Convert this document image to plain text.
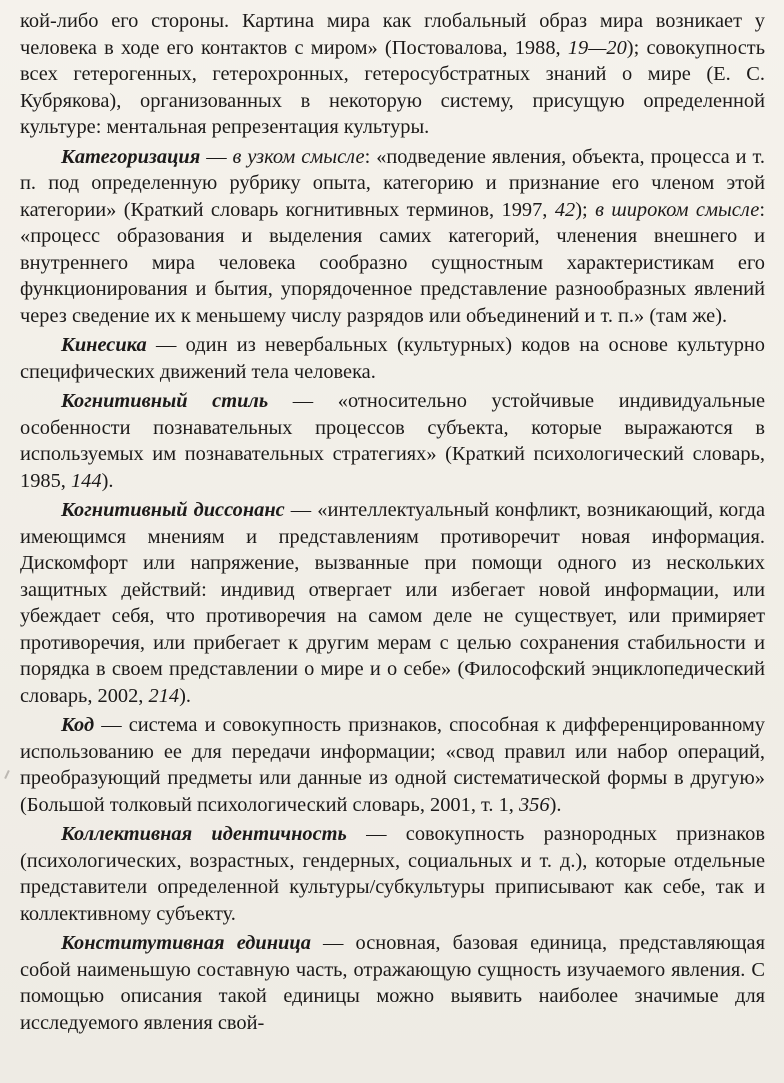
кой-либо его стороны. Картина мира как глобальный образ мира возникает у человека в ходе его контактов с миром» (Постовалова, 1988, 19—20); совокупность всех гетерогенных, гетерохронных, гетеросубстратных знаний о мире (Е. С. Кубрякова), организованных в некоторую систему, присущую определенной культуре: ментальная репрезентация культуры.

Категоризация — в узком смысле: «подведение явления, объекта, процесса и т. п. под определенную рубрику опыта, категорию и признание его членом этой категории» (Краткий словарь когнитивных терминов, 1997, 42); в широком смысле: «процесс образования и выделения самих категорий, членения внешнего и внутреннего мира человека сообразно сущностным характеристикам его функционирования и бытия, упорядоченное представление разнообразных явлений через сведение их к меньшему числу разрядов или объединений и т. п.» (там же).

Кинесика — один из невербальных (культурных) кодов на основе культурно специфических движений тела человека.

Когнитивный стиль — «относительно устойчивые индивидуальные особенности познавательных процессов субъекта, которые выражаются в используемых им познавательных стратегиях» (Краткий психологический словарь, 1985, 144).

Когнитивный диссонанс — «интеллектуальный конфликт, возникающий, когда имеющимся мнениям и представлениям противоречит новая информация. Дискомфорт или напряжение, вызванные при помощи одного из нескольких защитных действий: индивид отвергает или избегает новой информации, или убеждает себя, что противоречия на самом деле не существует, или примиряет противоречия, или прибегает к другим мерам с целью сохранения стабильности и порядка в своем представлении о мире и о себе» (Философский энциклопедический словарь, 2002, 214).

Код — система и совокупность признаков, способная к дифференцированному использованию ее для передачи информации; «свод правил или набор операций, преобразующий предметы или данные из одной систематической формы в другую» (Большой толковый психологический словарь, 2001, т. 1, 356).

Коллективная идентичность — совокупность разнородных признаков (психологических, возрастных, гендерных, социальных и т. д.), которые отдельные представители определенной культуры/субкультуры приписывают как себе, так и коллективному субъекту.

Конститутивная единица — основная, базовая единица, представляющая собой наименьшую составную часть, отражающую сущность изучаемого явления. С помощью описания такой единицы можно выявить наиболее значимые для исследуемого явления свой-
